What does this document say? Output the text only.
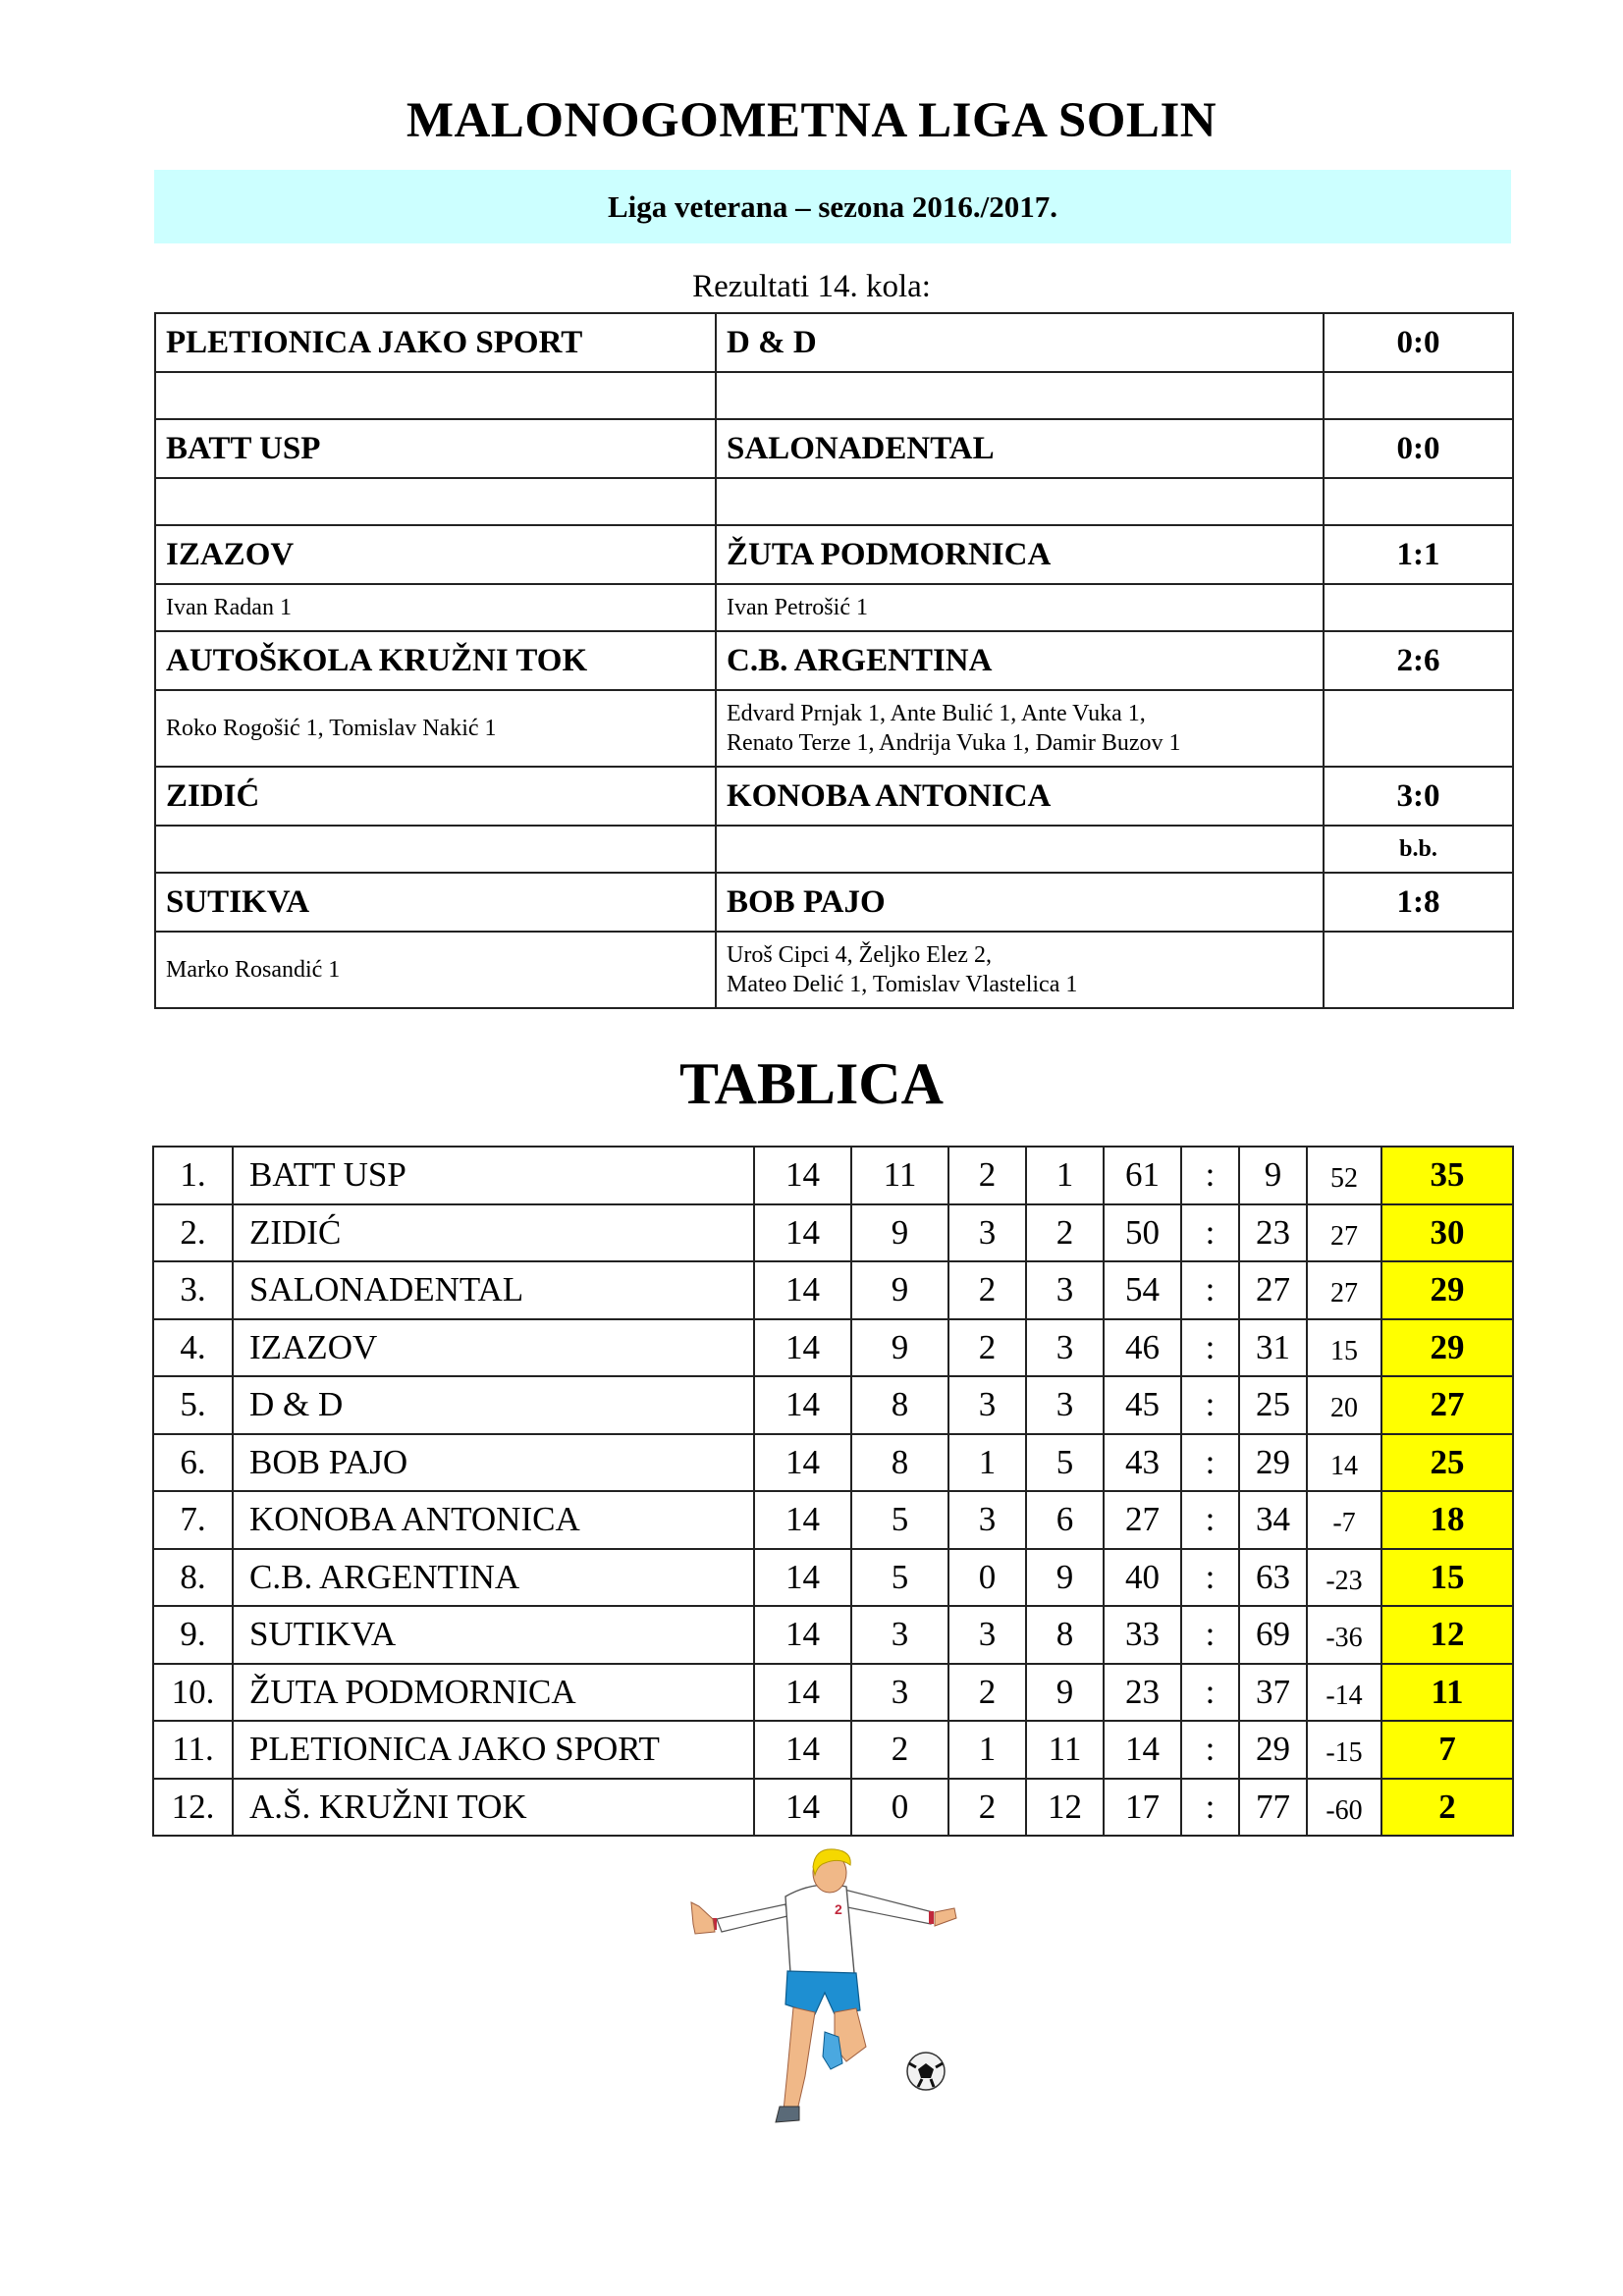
MALONOGOMETNA LIGA SOLIN
Liga veterana – sezona 2016./2017.
Rezultati 14. kola:
PLETIONICA JAKO SPORT	D & D	0:0

BATT USP	SALONADENTAL	0:0

IZAZOV	ŽUTA PODMORNICA	1:1
Ivan Radan 1	Ivan Petrošić 1	

AUTOŠKOLA KRUŽNI TOK	C.B. ARGENTINA	2:6
Roko Rogošić 1, Tomislav Nakić 1	Edvard Prnjak 1, Ante Bulić 1, Ante Vuka 1,
Renato Terze 1, Andrija Vuka 1, Damir Buzov 1	

ZIDIĆ	KONOBA ANTONICA	3:0
		b.b.
SUTIKVA	BOB PAJO	1:8
Marko Rosandić 1	Uroš Cipci 4, Željko Elez 2,
Mateo Delić 1, Tomislav Vlastelica 1	

TABLICA
1.	BATT USP	14	11	2	1	61	:	9	52	35
2.	ZIDIĆ	14	9	3	2	50	:	23	27	30
3.	SALONADENTAL	14	9	2	3	54	:	27	27	29
4.	IZAZOV	14	9	2	3	46	:	31	15	29
5.	D & D	14	8	3	3	45	:	25	20	27
6.	BOB PAJO	14	8	1	5	43	:	29	14	25
7.	KONOBA ANTONICA	14	5	3	6	27	:	34	-7	18
8.	C.B. ARGENTINA	14	5	0	9	40	:	63	-23	15
9.	SUTIKVA	14	3	3	8	33	:	69	-36	12
10.	ŽUTA PODMORNICA	14	3	2	9	23	:	37	-14	11
11.	PLETIONICA JAKO SPORT	14	2	1	11	14	:	29	-15	7
12.	A.Š. KRUŽNI TOK	14	0	2	12	17	:	77	-60	2
2
